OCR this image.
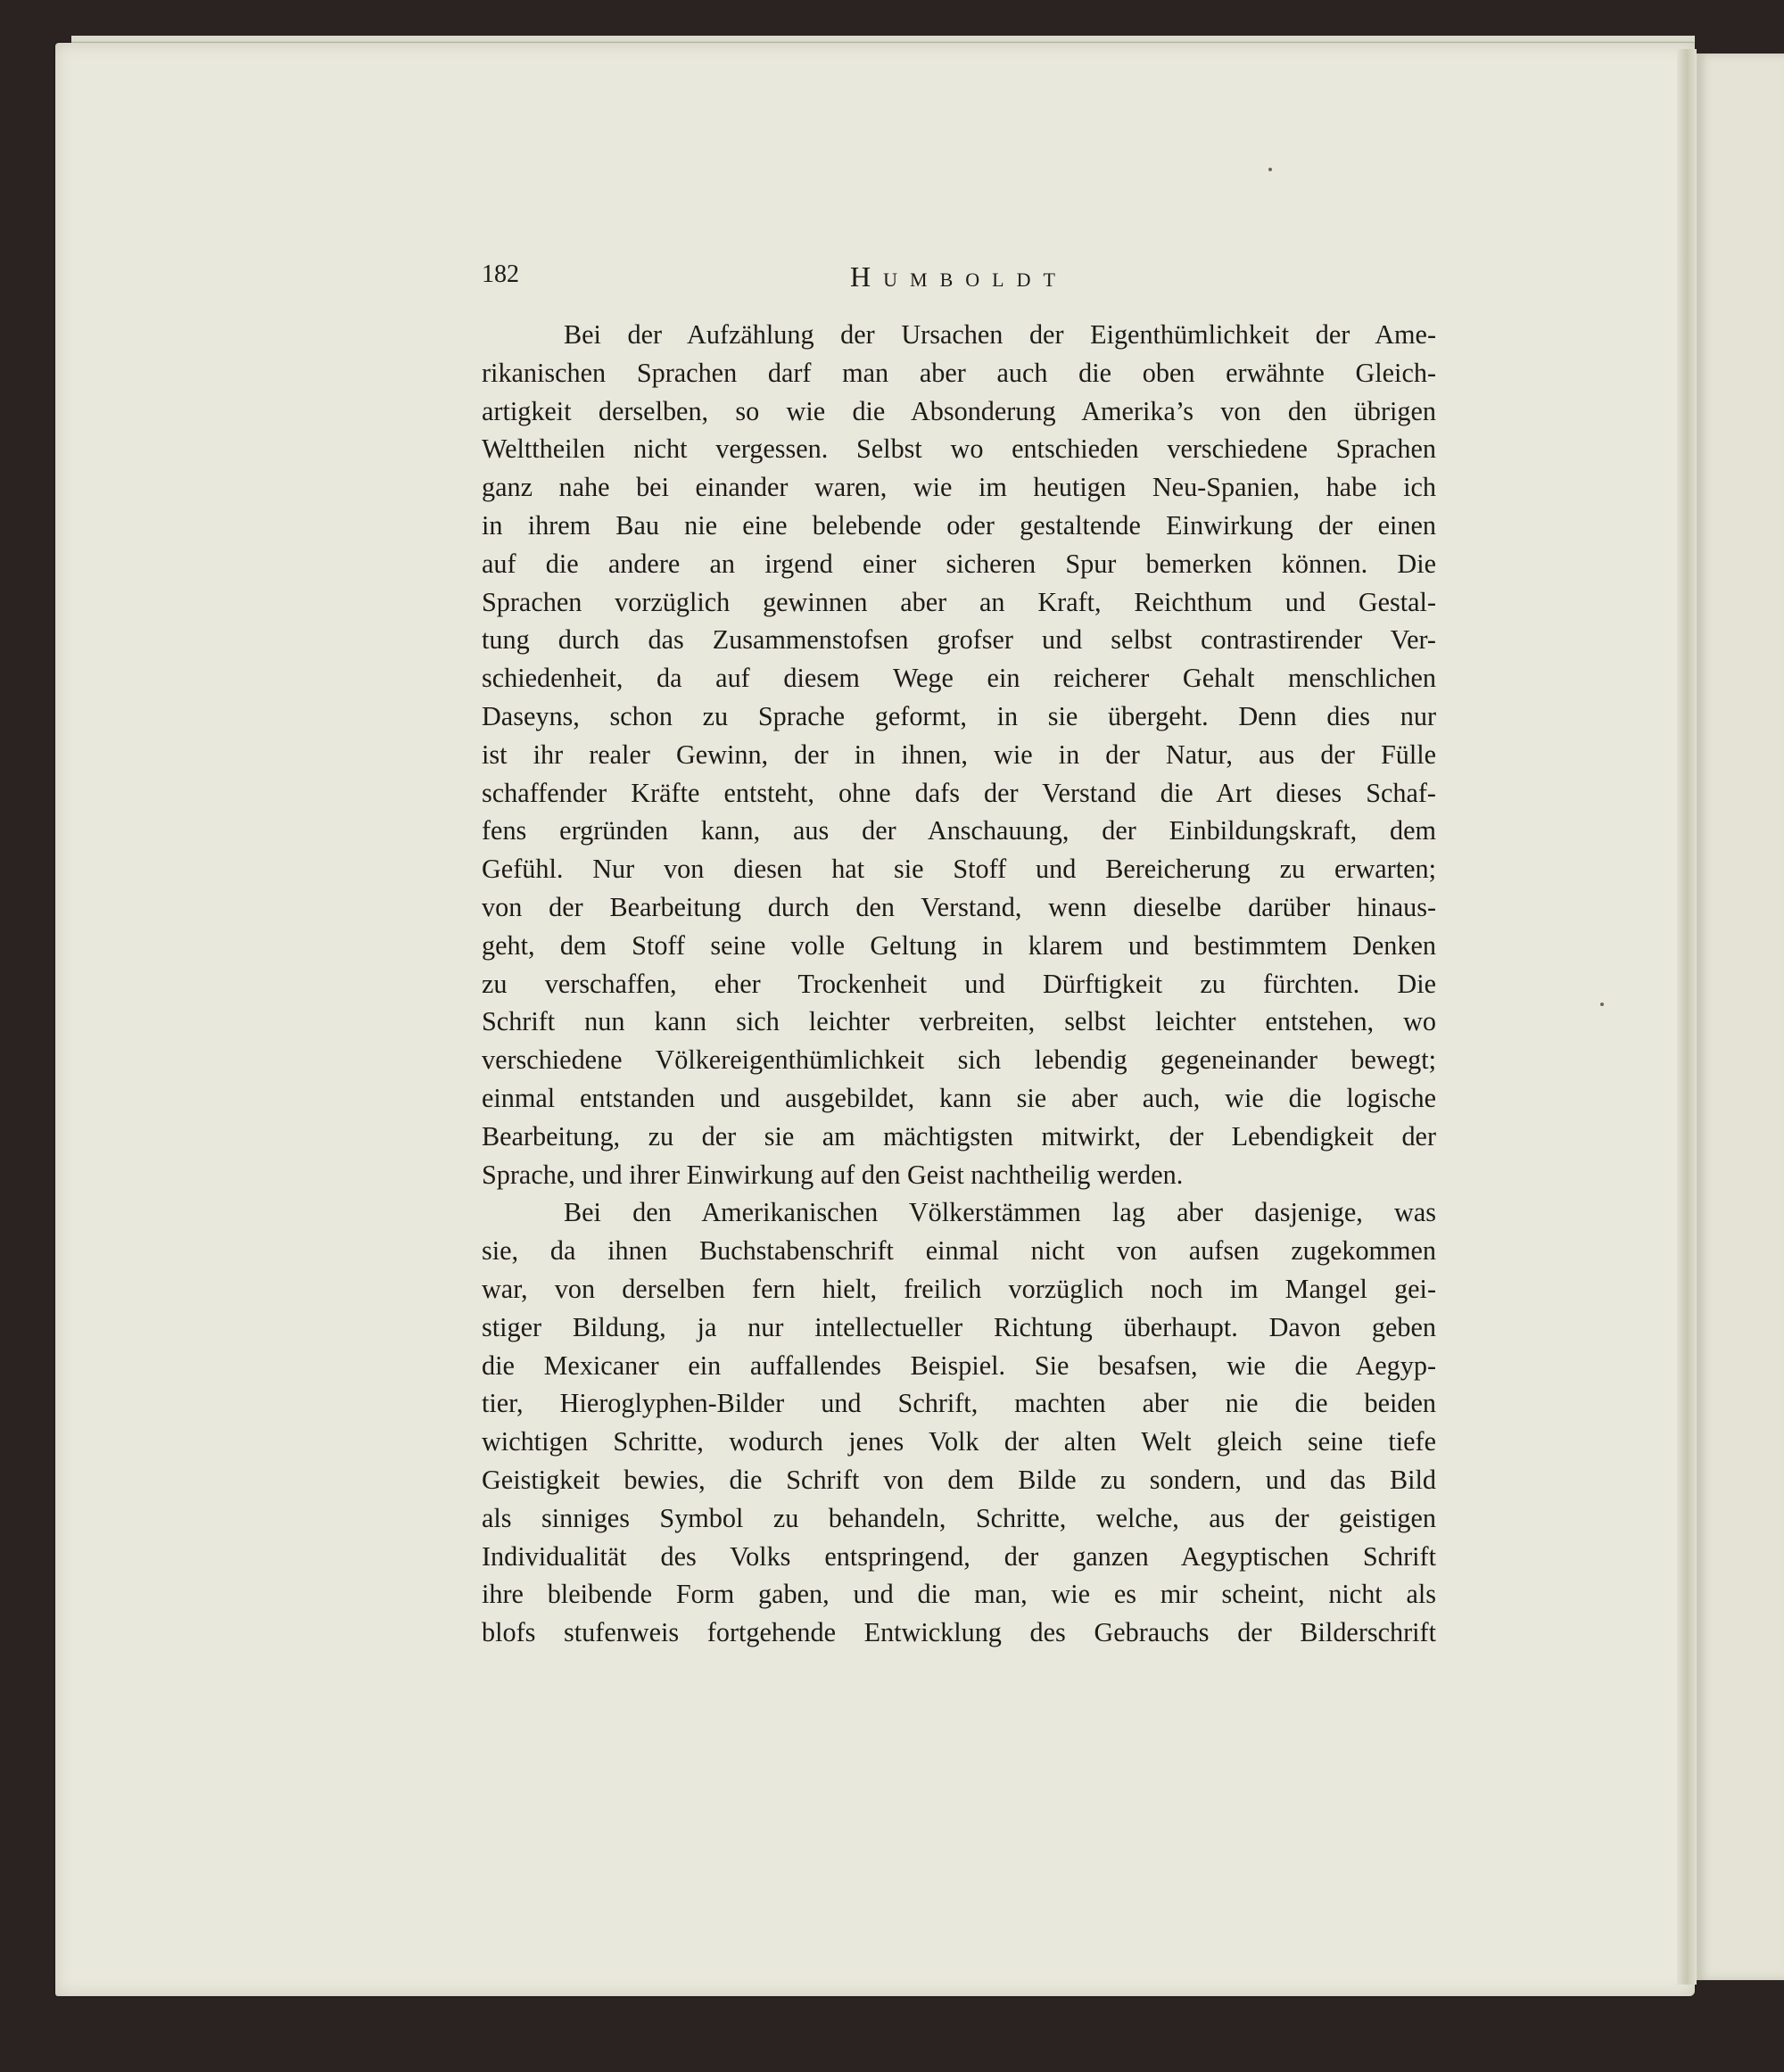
182	HUMBOLDT

Bei der Aufzählung der Ursachen der Eigenthümlichkeit der Ame-
rikanischen Sprachen darf man aber auch die oben erwähnte Gleich-
artigkeit derselben, so wie die Absonderung Amerika’s von den übrigen
Welttheilen nicht vergessen. Selbst wo entschieden verschiedene Sprachen
ganz nahe bei einander waren, wie im heutigen Neu-Spanien, habe ich
in ihrem Bau nie eine belebende oder gestaltende Einwirkung der einen
auf die andere an irgend einer sicheren Spur bemerken können. Die
Sprachen vorzüglich gewinnen aber an Kraft, Reichthum und Gestal-
tung durch das Zusammenstofsen grofser und selbst contrastirender Ver-
schiedenheit, da auf diesem Wege ein reicherer Gehalt menschlichen
Daseyns, schon zu Sprache geformt, in sie übergeht. Denn dies nur
ist ihr realer Gewinn, der in ihnen, wie in der Natur, aus der Fülle
schaffender Kräfte entsteht, ohne dafs der Verstand die Art dieses Schaf-
fens ergründen kann, aus der Anschauung, der Einbildungskraft, dem
Gefühl. Nur von diesen hat sie Stoff und Bereicherung zu erwarten;
von der Bearbeitung durch den Verstand, wenn dieselbe darüber hinaus-
geht, dem Stoff seine volle Geltung in klarem und bestimmtem Denken
zu verschaffen, eher Trockenheit und Dürftigkeit zu fürchten. Die
Schrift nun kann sich leichter verbreiten, selbst leichter entstehen, wo
verschiedene Völkereigenthümlichkeit sich lebendig gegeneinander bewegt;
einmal entstanden und ausgebildet, kann sie aber auch, wie die logische
Bearbeitung, zu der sie am mächtigsten mitwirkt, der Lebendigkeit der
Sprache, und ihrer Einwirkung auf den Geist nachtheilig werden.

Bei den Amerikanischen Völkerstämmen lag aber dasjenige, was
sie, da ihnen Buchstabenschrift einmal nicht von aufsen zugekommen
war, von derselben fern hielt, freilich vorzüglich noch im Mangel gei-
stiger Bildung, ja nur intellectueller Richtung überhaupt. Davon geben
die Mexicaner ein auffallendes Beispiel. Sie besafsen, wie die Aegyp-
tier, Hieroglyphen-Bilder und Schrift, machten aber nie die beiden
wichtigen Schritte, wodurch jenes Volk der alten Welt gleich seine tiefe
Geistigkeit bewies, die Schrift von dem Bilde zu sondern, und das Bild
als sinniges Symbol zu behandeln, Schritte, welche, aus der geistigen
Individualität des Volks entspringend, der ganzen Aegyptischen Schrift
ihre bleibende Form gaben, und die man, wie es mir scheint, nicht als
blofs stufenweis fortgehende Entwicklung des Gebrauchs der Bilderschrift
